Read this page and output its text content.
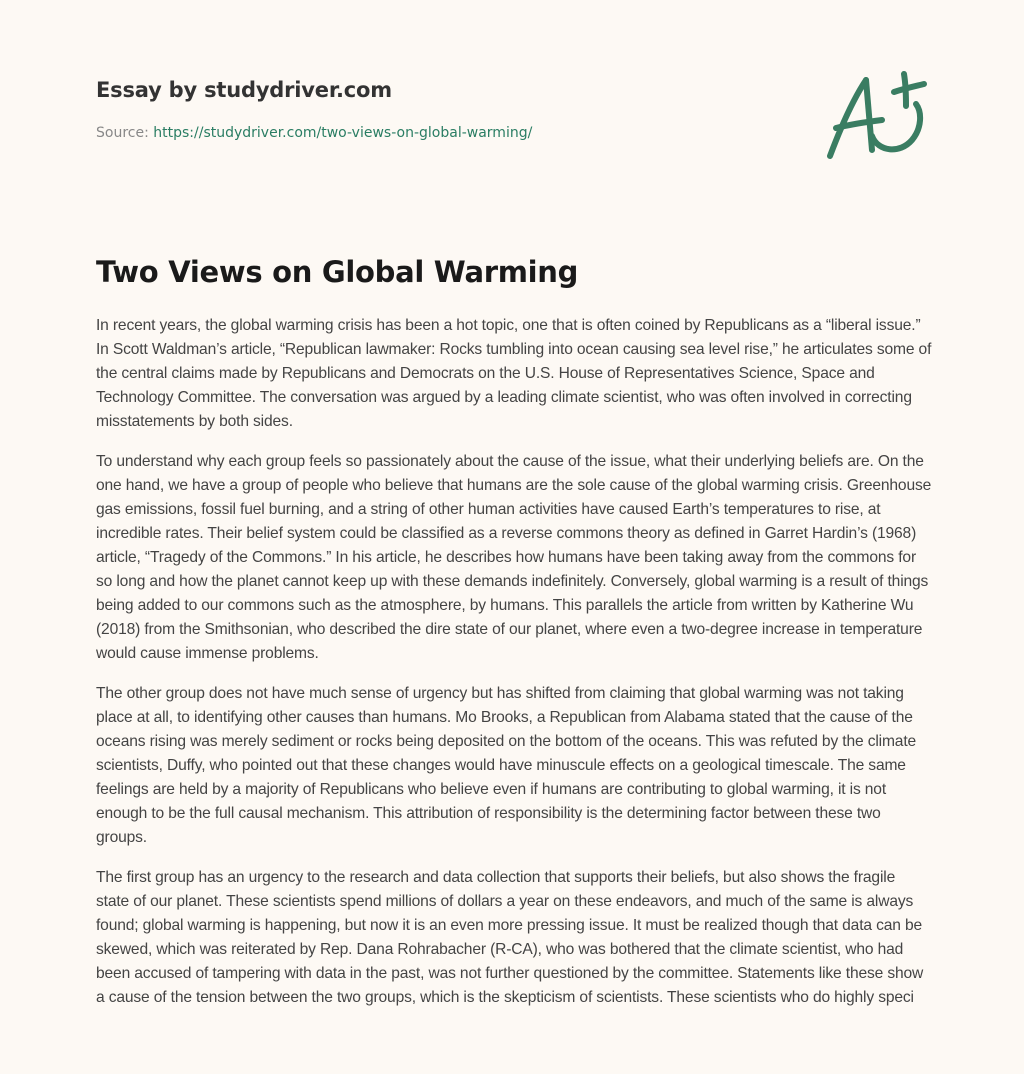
Essay by studydriver.com
Source: https://studydriver.com/two-views-on-global-warming/
Two Views on Global Warming

In recent years, the global warming crisis has been a hot topic, one that is often coined by Republicans as a “liberal issue.” In Scott Waldman’s article, “Republican lawmaker: Rocks tumbling into ocean causing sea level rise,” he articulates some of the central claims made by Republicans and Democrats on the U.S. House of Representatives Science, Space and Technology Committee. The conversation was argued by a leading climate scientist, who was often involved in correcting misstatements by both sides.

To understand why each group feels so passionately about the cause of the issue, what their underlying beliefs are. On the one hand, we have a group of people who believe that humans are the sole cause of the global warming crisis. Greenhouse gas emissions, fossil fuel burning, and a string of other human activities have caused Earth’s temperatures to rise, at incredible rates. Their belief system could be classified as a reverse commons theory as defined in Garret Hardin’s (1968) article, “Tragedy of the Commons.” In his article, he describes how humans have been taking away from the commons for so long and how the planet cannot keep up with these demands indefinitely. Conversely, global warming is a result of things being added to our commons such as the atmosphere, by humans. This parallels the article from written by Katherine Wu (2018) from the Smithsonian, who described the dire state of our planet, where even a two-degree increase in temperature would cause immense problems.

The other group does not have much sense of urgency but has shifted from claiming that global warming was not taking place at all, to identifying other causes than humans. Mo Brooks, a Republican from Alabama stated that the cause of the oceans rising was merely sediment or rocks being deposited on the bottom of the oceans. This was refuted by the climate scientists, Duffy, who pointed out that these changes would have minuscule effects on a geological timescale. The same feelings are held by a majority of Republicans who believe even if humans are contributing to global warming, it is not enough to be the full causal mechanism. This attribution of responsibility is the determining factor between these two groups.

The first group has an urgency to the research and data collection that supports their beliefs, but also shows the fragile state of our planet. These scientists spend millions of dollars a year on these endeavors, and much of the same is always found; global warming is happening, but now it is an even more pressing issue. It must be realized though that data can be skewed, which was reiterated by Rep. Dana Rohrabacher (R-CA), who was bothered that the climate scientist, who had been accused of tampering with data in the past, was not further questioned by the committee. Statements like these show a cause of the tension between the two groups, which is the skepticism of scientists. These scientists who do highly speci
